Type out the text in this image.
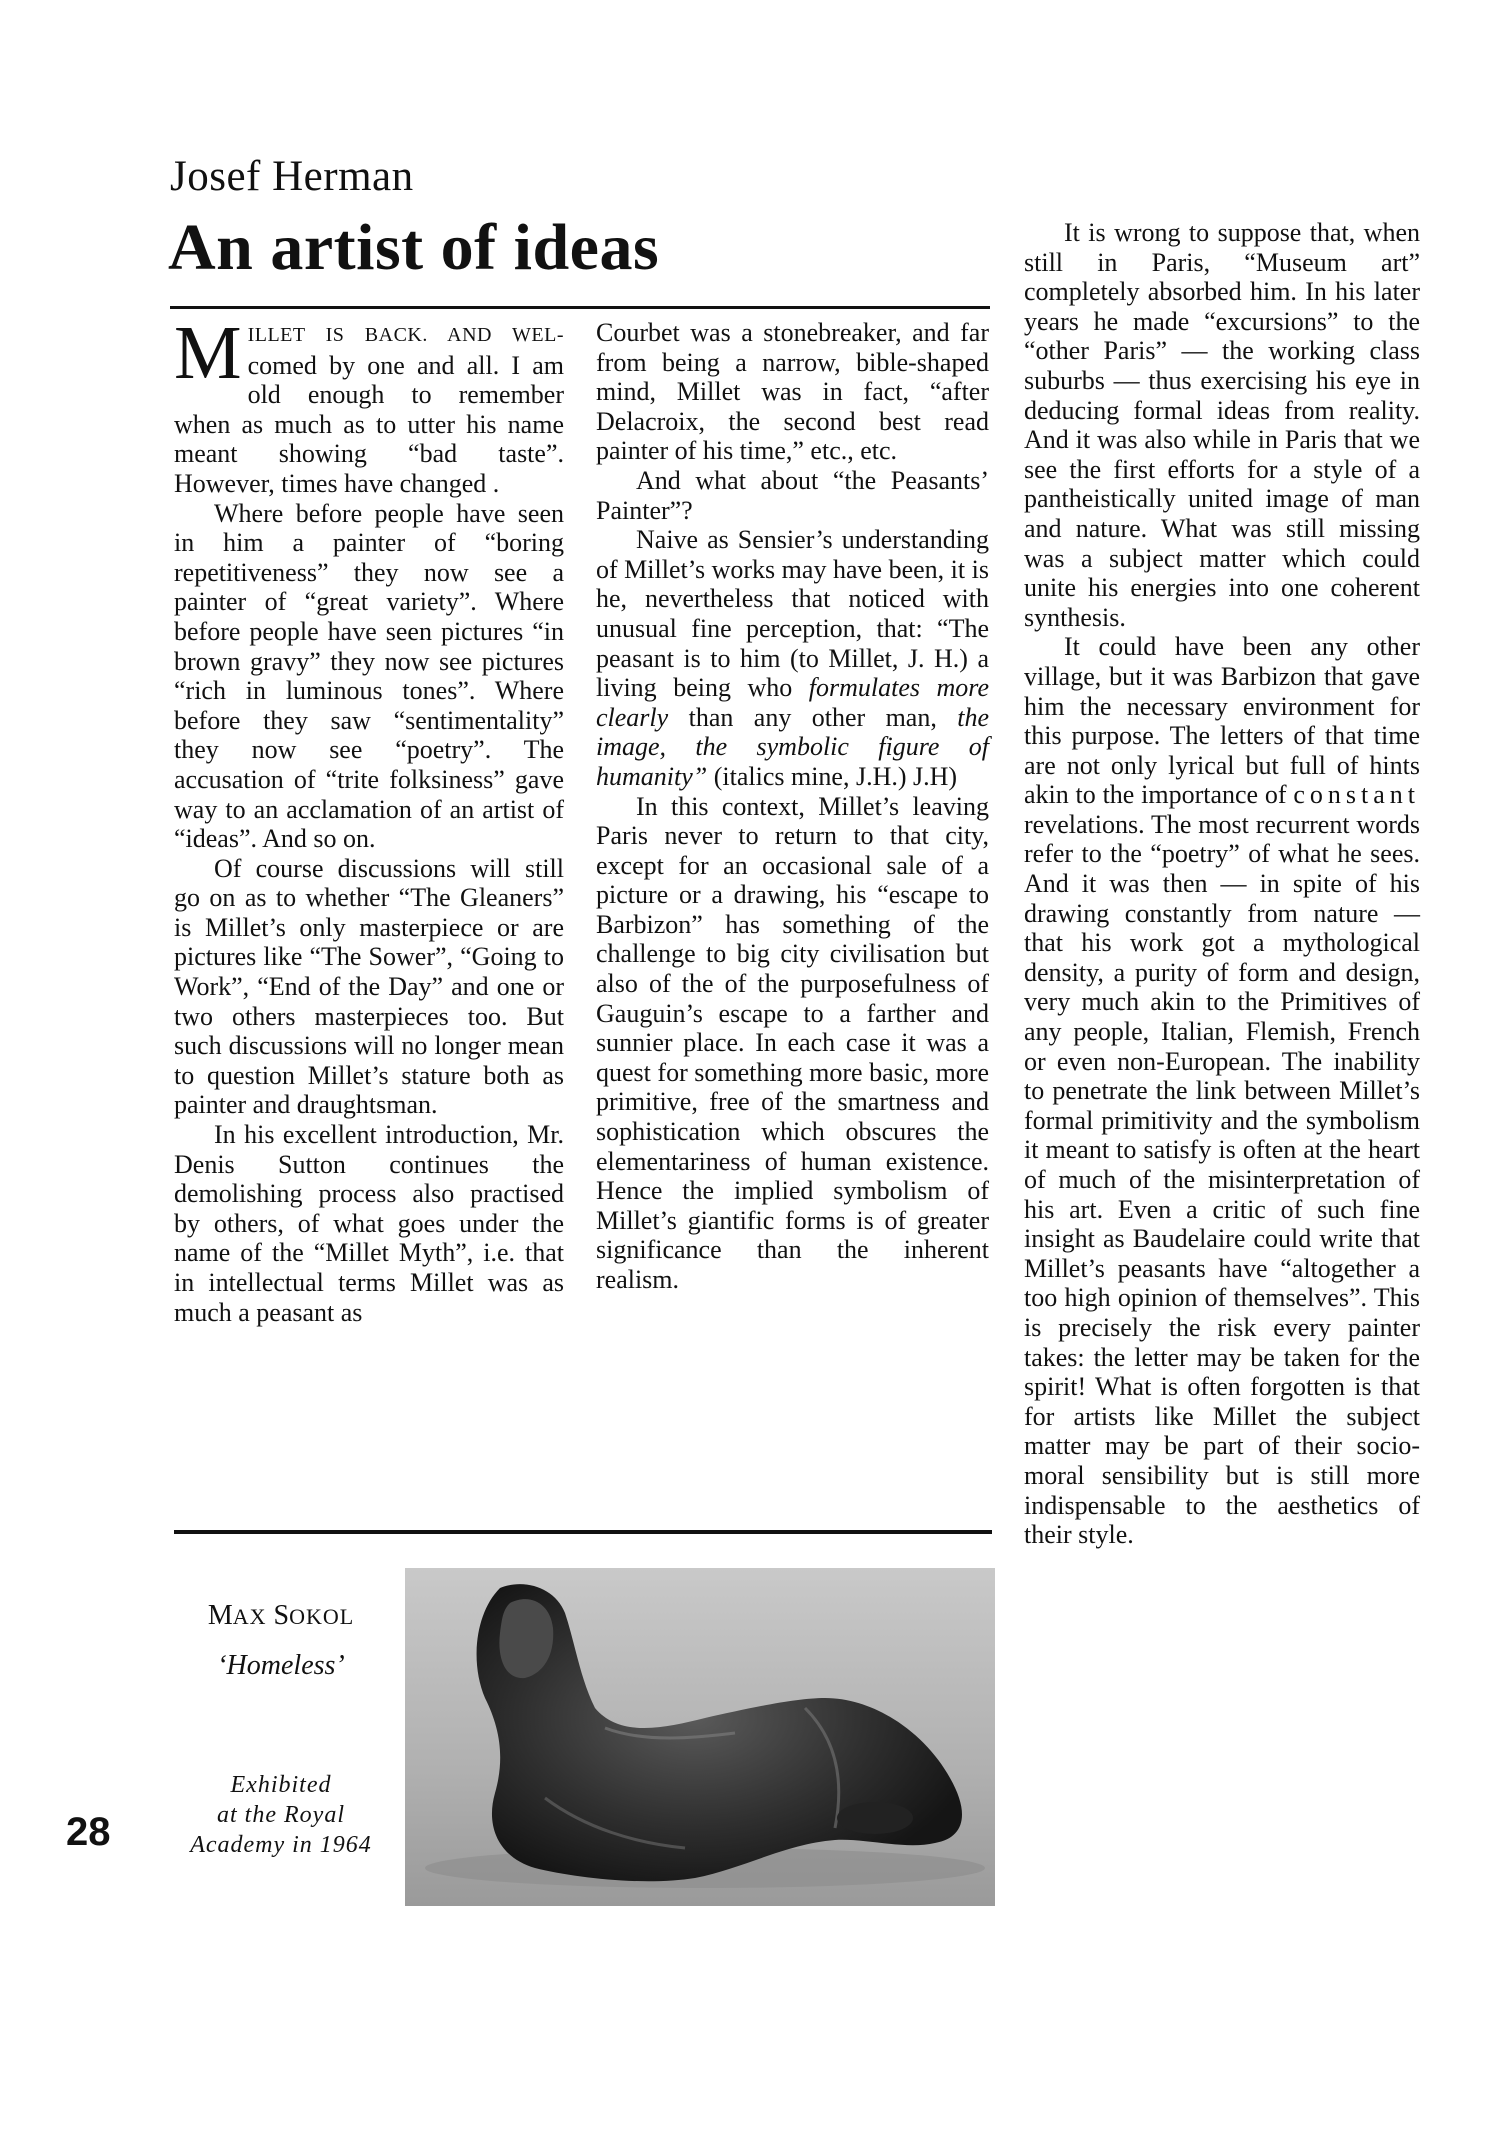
Josef Herman
An artist of ideas

MILLET IS BACK. AND WEL- comed by one and all. I am old enough to remember when as much as to utter his name meant showing “bad taste”. However, times have changed .

Where before people have seen in him a painter of “boring repetitiveness” they now see a painter of “great variety”. Where before people have seen pictures “in brown gravy” they now see pictures “rich in luminous tones”. Where before they saw “sentimentality” they now see “poetry”. The accusation of “trite folksiness” gave way to an acclamation of an artist of “ideas”. And so on.

Of course discussions will still go on as to whether “The Gleaners” is Millet’s only masterpiece or are pictures like “The Sower”, “Going to Work”, “End of the Day” and one or two others masterpieces too. But such discussions will no longer mean to question Millet’s stature both as painter and draughtsman.

In his excellent introduction, Mr. Denis Sutton continues the demolishing process also practised by others, of what goes under the name of the “Millet Myth”, i.e. that in intellectual terms Millet was as much a peasant as

Courbet was a stonebreaker, and far from being a narrow, bible-shaped mind, Millet was in fact, “after Delacroix, the second best read painter of his time,” etc., etc.

And what about “the Peasants’ Painter”?

Naive as Sensier’s understanding of Millet’s works may have been, it is he, nevertheless that noticed with unusual fine perception, that: “The peasant is to him (to Millet, J. H.) a living being who formulates more clearly than any other man, the image, the symbolic figure of humanity” (italics mine, J.H.) J.H)

In this context, Millet’s leaving Paris never to return to that city, except for an occasional sale of a picture or a drawing, his “escape to Barbizon” has something of the challenge to big city civilisation but also of the of the purposefulness of Gauguin’s escape to a farther and sunnier place. In each case it was a quest for something more basic, more primitive, free of the smartness and sophistication which obscures the elementariness of human existence. Hence the implied symbolism of Millet’s giantific forms is of greater significance than the inherent realism.

It is wrong to suppose that, when still in Paris, “Museum art” completely absorbed him. In his later years he made “excursions” to the “other Paris” — the working class suburbs — thus exercising his eye in deducing formal ideas from reality. And it was also while in Paris that we see the first efforts for a style of a pantheistically united image of man and nature. What was still missing was a subject matter which could unite his energies into one coherent synthesis.

It could have been any other village, but it was Barbizon that gave him the necessary environment for this purpose. The letters of that time are not only lyrical but full of hints akin to the importance of constant revelations. The most recurrent words refer to the “poetry” of what he sees. And it was then — in spite of his drawing constantly from nature — that his work got a mythological density, a purity of form and design, very much akin to the Primitives of any people, Italian, Flemish, French or even non-European. The inability to penetrate the link between Millet’s formal primitivity and the symbolism it meant to satisfy is often at the heart of much of the misinterpretation of his art. Even a critic of such fine insight as Baudelaire could write that Millet’s peasants have “altogether a too high opinion of themselves”. This is precisely the risk every painter takes: the letter may be taken for the spirit! What is often forgotten is that for artists like Millet the subject matter may be part of their socio-moral sensibility but is still more indispensable to the aesthetics of their style.

MAX SOKOL
‘Homeless’
Exhibited
at the Royal
Academy in 1964
28
